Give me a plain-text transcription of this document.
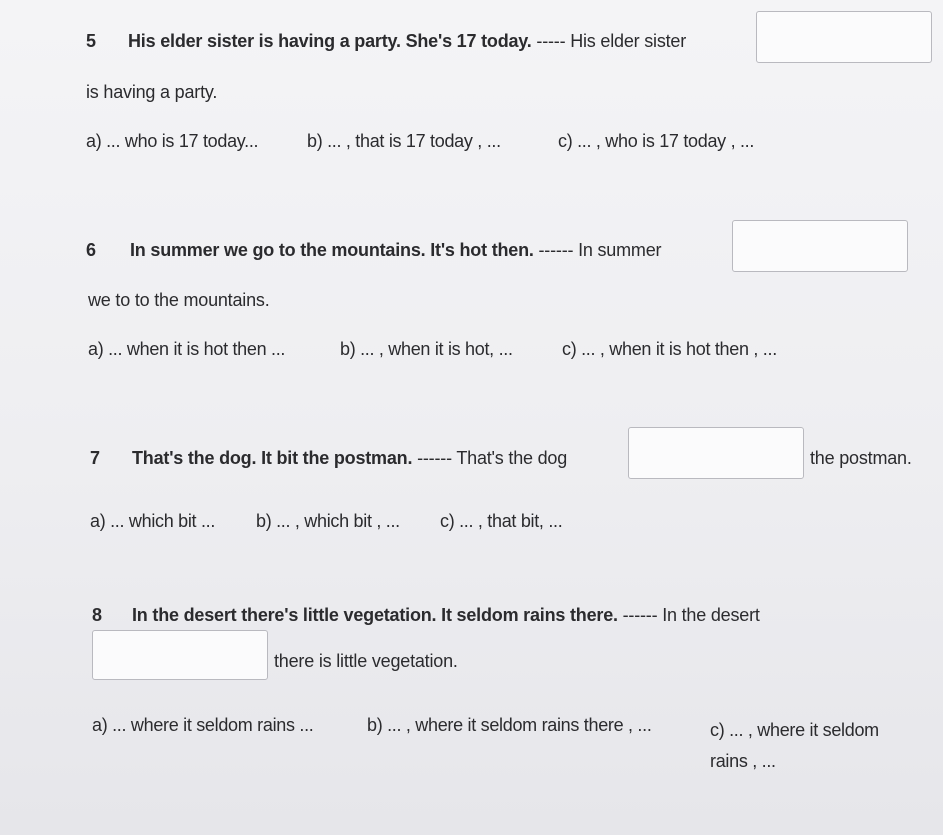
5 His elder sister is having a party. She's 17 today. ----- His elder sister
is having a party.
a) ... who is 17 today...	b) ... , that is 17 today , ...	c) ... , who is 17 today , ...
6 In summer we go to the mountains. It's hot then. ------ In summer
we to to the mountains.
a) ... when it is hot then ...	b) ... , when it is hot, ...	c) ... , when it is hot then , ...
7 That's the dog. It bit the postman. ------ That's the dog	the postman.
a) ... which bit ... b) ... , which bit , ... c) ... , that bit, ...
8 In the desert there's little vegetation. It seldom rains there. ------ In the desert
there is little vegetation.
a) ... where it seldom rains ...	b) ... , where it seldom rains there , ...	c) ... , where it seldom rains , ...
